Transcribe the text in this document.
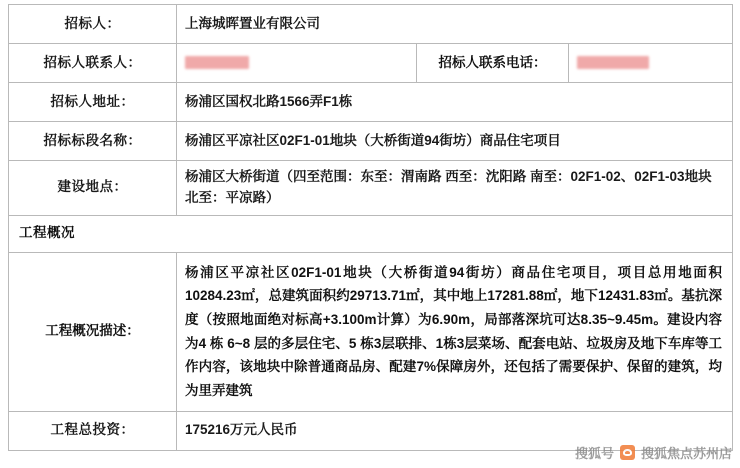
招标人：	上海城晖置业有限公司		
招标人联系人：		招标人联系电话：	
招标人地址：	杨浦区国权北路1566弄F1栋		
招标标段名称：	杨浦区平凉社区02F1-01地块（大桥街道94街坊）商品住宅项目		
建设地点：	杨浦区大桥街道（四至范围：东至：渭南路 西至：沈阳路 南至：02F1-02、02F1-03地块 北至：平凉路）		
工程概况			
工程概况描述：	杨浦区平凉社区02F1-01地块（大桥街道94街坊）商品住宅项目，项目总用地面积10284.23㎡，总建筑面积约29713.71㎡，其中地上17281.88㎡，地下12431.83㎡。基抗深度（按照地面绝对标高+3.100m计算）为6.90m，局部落深坑可达8.35~9.45m。建设内容为4 栋 6~8 层的多层住宅、5 栋3层联排、1栋3层菜场、配套电站、垃圾房及地下车库等工作内容，该地块中除普通商品房、配建7%保障房外，还包括了需要保护、保留的建筑，均为里弄建筑		
工程总投资：	175216万元人民币		
搜狐号 搜狐焦点苏州店
